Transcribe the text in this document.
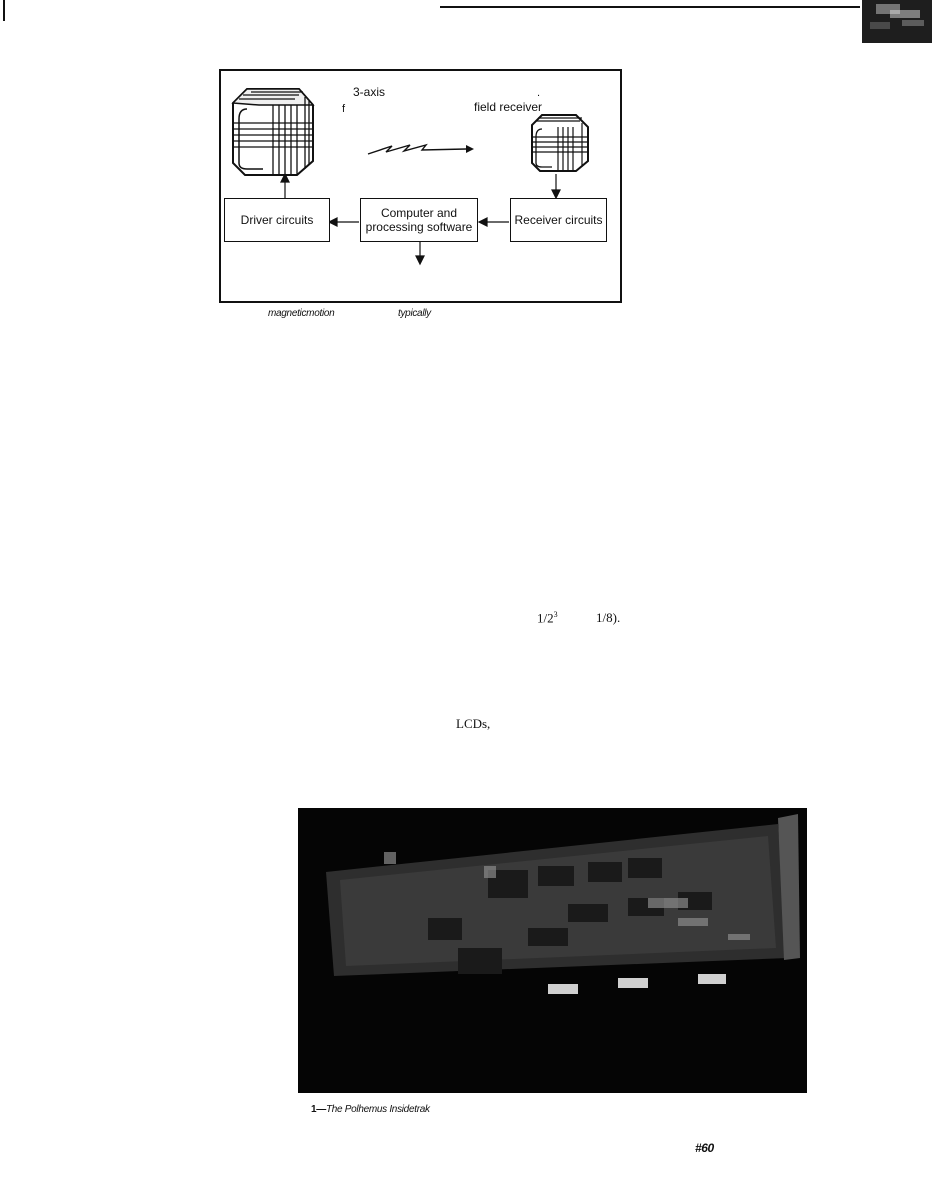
f
3-axis	.
field receiver
Driver circuits	Computer and
processing software	Receiver circuits
magneticmotion	typically
$1/2^3$	1/8).
LCDs,
1—The Polhemus Insidetrak
#60
